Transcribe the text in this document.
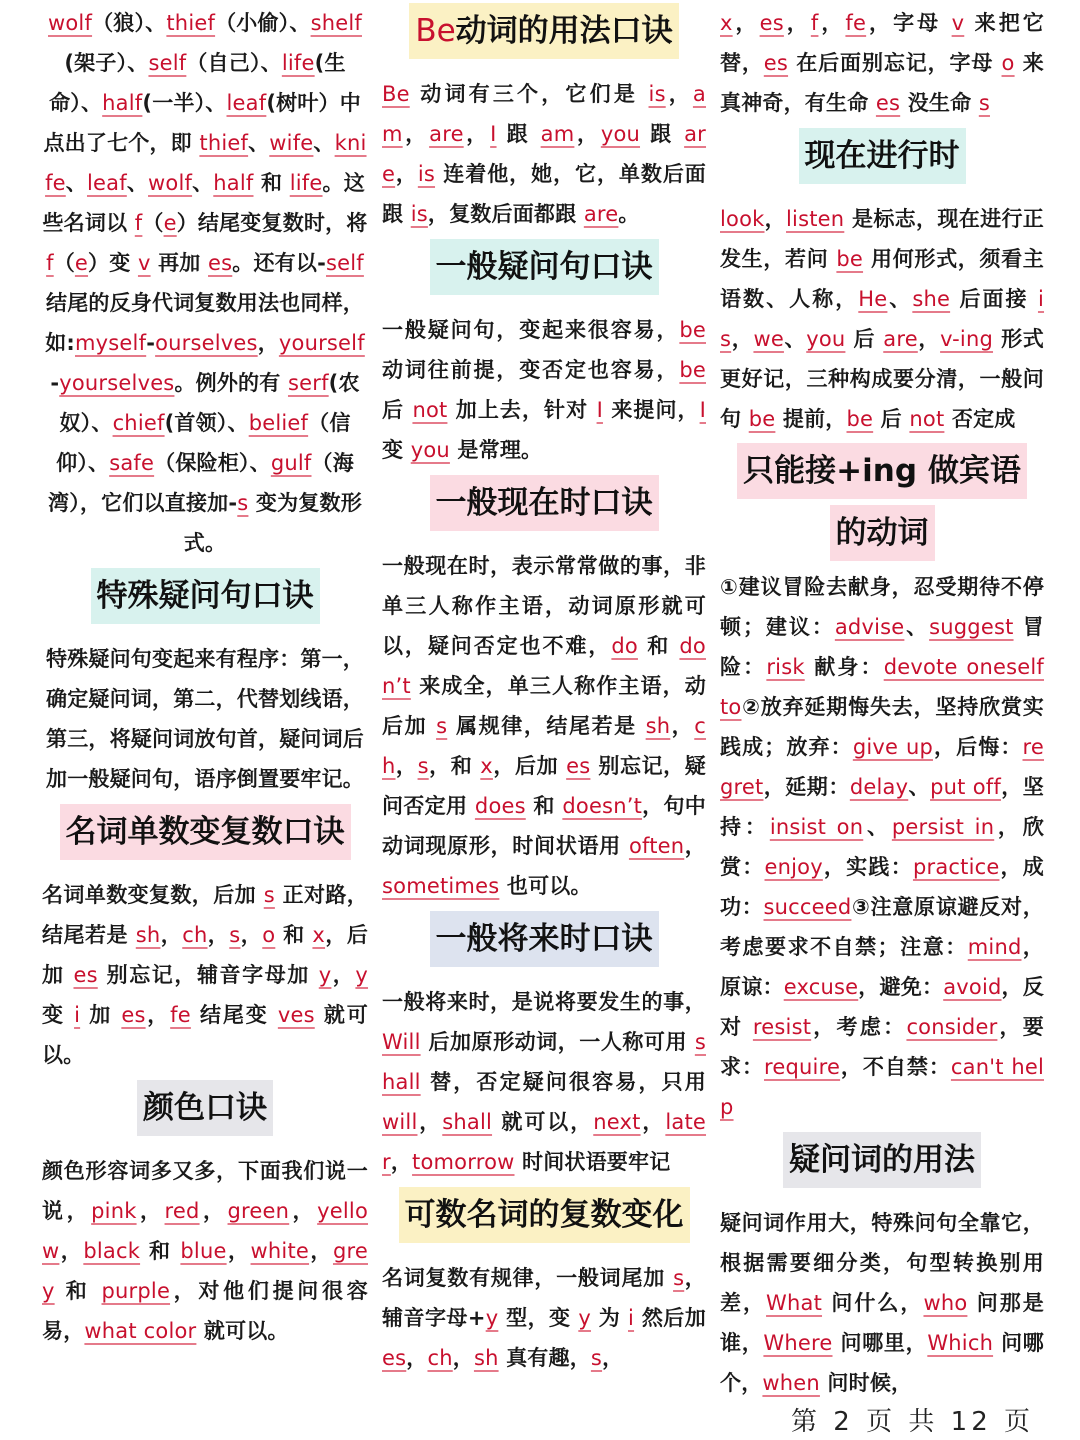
wolf（狼）、thief（小偷）、shelf(架子）、self（自己）、life(生命）、half(一半）、leaf(树叶）中点出了七个，即 thief、wife、knife、leaf、wolf、half 和 life。这些名词以 f（e）结尾变复数时，将 f（e）变 v 再加 es。还有以-self 结尾的反身代词复数用法也同样，如:myself-ourselves，yourself -yourselves。例外的有 serf(农奴）、chief(首领）、belief（信仰）、safe（保险柜）、gulf（海湾），它们以直接加-s 变为复数形式。

特殊疑问句口诀

特殊疑问句变起来有程序：第一，确定疑问词，第二，代替划线语，第三，将疑问词放句首，疑问词后加一般疑问句，语序倒置要牢记。

名词单数变复数口诀

名词单数变复数，后加 s 正对路，结尾若是 sh，ch，s，o 和 x，后加 es 别忘记，辅音字母加 y，y 变 i 加 es，fe 结尾变 ves 就可以。

颜色口诀

颜色形容词多又多，下面我们说一说，pink，red，green，yellow，black 和 blue，white，grey 和 purple，对他们提问很容易，what color 就可以。

Be动词的用法口诀

Be 动词有三个，它们是 is，am，are，I 跟 am，you 跟 are，is 连着他，她，它，单数后面跟 is，复数后面都跟 are。

一般疑问句口诀

一般疑问句，变起来很容易，be 动词往前提，变否定也容易，be 后 not 加上去，针对 I 来提问，I 变 you 是常理。

一般现在时口诀

一般现在时，表示常常做的事，非单三人称作主语，动词原形就可以，疑问否定也不难，do 和 don’t 来成全，单三人称作主语，动后加 s 属规律，结尾若是 sh，ch，s，和 x，后加 es 别忘记，疑问否定用 does 和 doesn’t，句中动词现原形，时间状语用 often，sometimes 也可以。

一般将来时口诀

一般将来时，是说将要发生的事，Will 后加原形动词，一人称可用 shall 替，否定疑问很容易，只用 will，shall 就可以，next，later，tomorrow 时间状语要牢记

可数名词的复数变化

名词复数有规律，一般词尾加 s，辅音字母+y 型，变 y 为 i 然后加 es，ch，sh 真有趣，s，

x，es，f，fe，字母 v 来把它替，es 在后面别忘记，字母 o 来真神奇，有生命 es 没生命 s

现在进行时

look，listen 是标志，现在进行正发生，若问 be 用何形式，须看主语数、人称，He、she 后面接 is，we、you 后 are，v-ing 形式更好记，三种构成要分清，一般问句 be 提前，be 后 not 否定成

只能接+ing 做宾语
的动词

①建议冒险去献身，忍受期待不停顿；建议：advise、suggest 冒险：risk 献身：devote oneself to②放弃延期悔失去，坚持欣赏实践成；放弃：give up，后悔：regret，延期：delay、put off，坚持：insist on、persist in，欣赏：enjoy，实践：practice，成功：succeed③注意原谅避反对，考虑要求不自禁；注意：mind，原谅：excuse，避免：avoid，反对 resist，考虑：consider，要求：require，不自禁：can't help

疑问词的用法

疑问词作用大，特殊问句全靠它，根据需要细分类，句型转换别用差，What 问什么，who 问那是谁，Where 问哪里，Which 问哪个，when 问时候，

第 2 页 共 12 页
